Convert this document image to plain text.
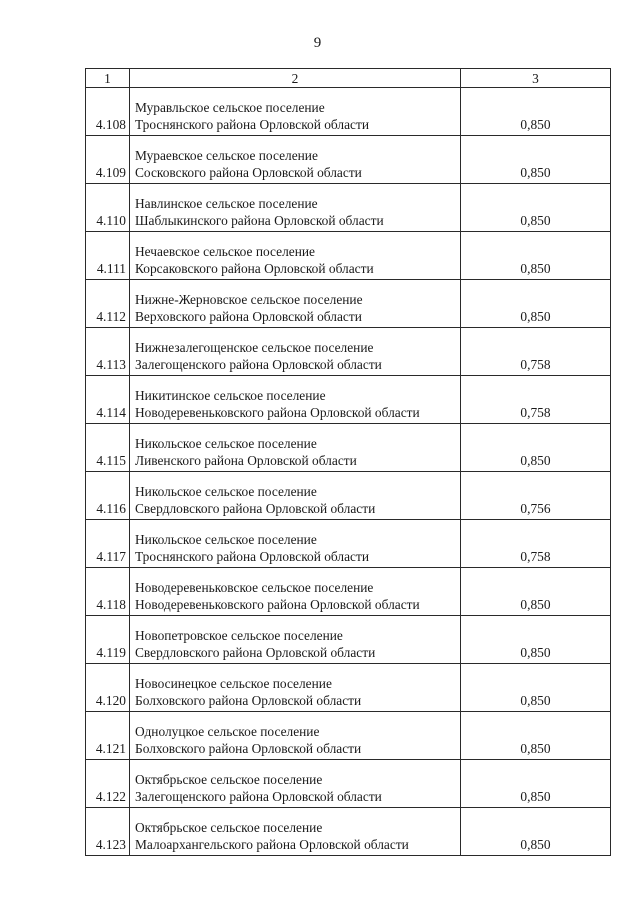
9
1	2	3
4.108	Муравльское сельское поселение
Троснянского района Орловской области	0,850
4.109	Мураевское сельское поселение
Сосковского района Орловской области	0,850
4.110	Навлинское сельское поселение
Шаблыкинского района Орловской области	0,850
4.111	Нечаевское сельское поселение
Корсаковского района Орловской области	0,850
4.112	Нижне-Жерновское сельское поселение
Верховского района Орловской области	0,850
4.113	Нижнезалегощенское сельское поселение
Залегощенского района Орловской области	0,758
4.114	Никитинское сельское поселение
Новодеревеньковского района Орловской области	0,758
4.115	Никольское сельское поселение
Ливенского района Орловской области	0,850
4.116	Никольское сельское поселение
Свердловского района Орловской области	0,756
4.117	Никольское сельское поселение
Троснянского района Орловской области	0,758
4.118	Новодеревеньковское сельское поселение
Новодеревеньковского района Орловской области	0,850
4.119	Новопетровское сельское поселение
Свердловского района Орловской области	0,850
4.120	Новосинецкое сельское поселение
Болховского района Орловской области	0,850
4.121	Однолуцкое сельское поселение
Болховского района Орловской области	0,850
4.122	Октябрьское сельское поселение
Залегощенского района Орловской области	0,850
4.123	Октябрьское сельское поселение
Малоархангельского района Орловской области	0,850
